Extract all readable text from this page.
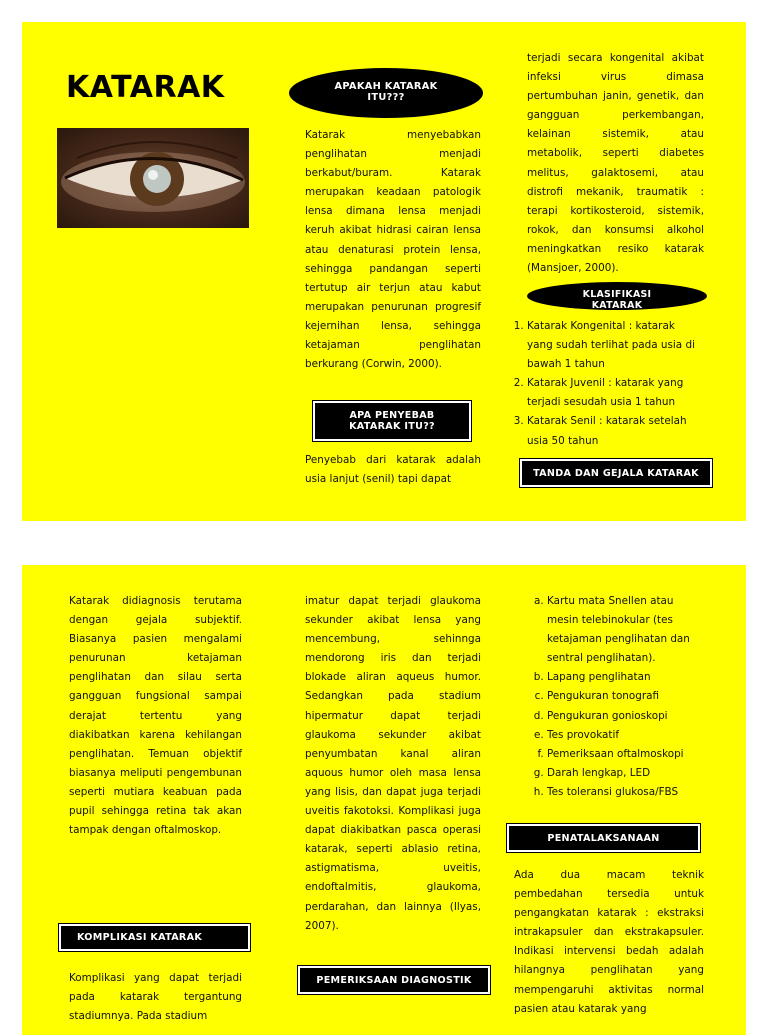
KATARAK	APAKAH KATARAK ITU???

Katarak menyebabkan penglihatan menjadi berkabut/buram. Katarak merupakan keadaan patologik lensa dimana lensa menjadi keruh akibat hidrasi cairan lensa atau denaturasi protein lensa, sehingga pandangan seperti tertutup air terjun atau kabut merupakan penurunan progresif kejernihan lensa, sehingga ketajaman penglihatan berkurang (Corwin, 2000).

APA PENYEBAB KATARAK ITU??

Penyebab dari katarak adalah usia lanjut (senil) tapi dapat

terjadi secara kongenital akibat infeksi virus dimasa pertumbuhan janin, genetik, dan gangguan perkembangan, kelainan sistemik, atau metabolik, seperti diabetes melitus, galaktosemi, atau distrofi mekanik, traumatik : terapi kortikosteroid, sistemik, rokok, dan konsumsi alkohol meningkatkan resiko katarak (Mansjoer, 2000).

KLASIFIKASI KATARAK
1. Katarak Kongenital : katarak yang sudah terlihat pada usia di bawah 1 tahun
2. Katarak Juvenil : katarak yang terjadi sesudah usia 1 tahun
3. Katarak Senil : katarak setelah usia 50 tahun
TANDA DAN GEJALA KATARAK

Katarak didiagnosis terutama dengan gejala subjektif. Biasanya pasien mengalami penurunan ketajaman penglihatan dan silau serta gangguan fungsional sampai derajat tertentu yang diakibatkan karena kehilangan penglihatan. Temuan objektif biasanya meliputi pengembunan seperti mutiara keabuan pada pupil sehingga retina tak akan tampak dengan oftalmoskop.

KOMPLIKASI KATARAK

Komplikasi yang dapat terjadi pada katarak tergantung stadiumnya. Pada stadium

imatur dapat terjadi glaukoma sekunder akibat lensa yang mencembung, sehinnga mendorong iris dan terjadi blokade aliran aqueus humor. Sedangkan pada stadium hipermatur dapat terjadi glaukoma sekunder akibat penyumbatan kanal aliran aquous humor oleh masa lensa yang lisis, dan dapat juga terjadi uveitis fakotoksi. Komplikasi juga dapat diakibatkan pasca operasi katarak, seperti ablasio retina, astigmatisma, uveitis, endoftalmitis, glaukoma, perdarahan, dan lainnya (Ilyas, 2007).

PEMERIKSAAN DIAGNOSTIK
a. Kartu mata Snellen atau mesin telebinokular (tes ketajaman penglihatan dan sentral penglihatan).
b. Lapang penglihatan
c. Pengukuran tonografi
d. Pengukuran gonioskopi
e. Tes provokatif
f. Pemeriksaan oftalmoskopi
g. Darah lengkap, LED
h. Tes toleransi glukosa/FBS
PENATALAKSANAAN

Ada dua macam teknik pembedahan tersedia untuk pengangkatan katarak : ekstraksi intrakapsuler dan ekstrakapsuler. Indikasi intervensi bedah adalah hilangnya penglihatan yang mempengaruhi aktivitas normal pasien atau katarak yang
